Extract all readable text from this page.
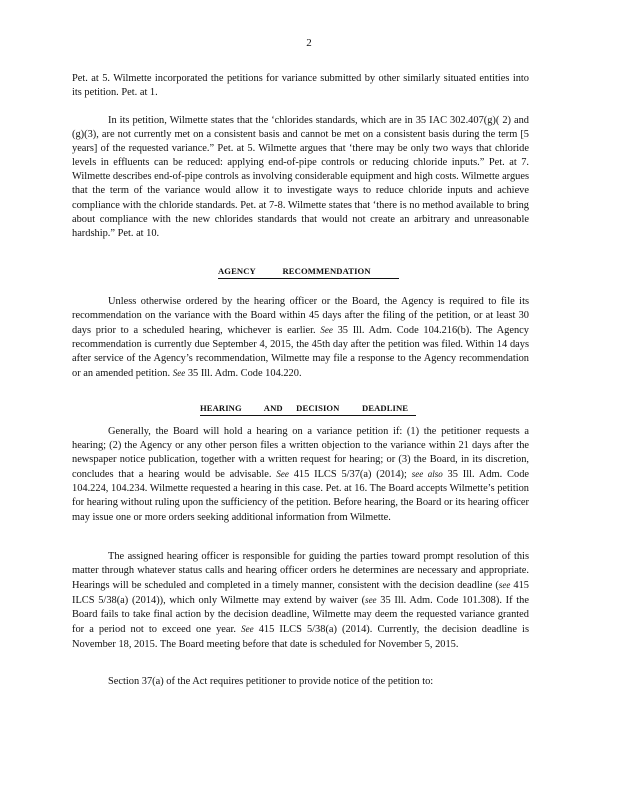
2

Pet. at 5. Wilmette incorporated the petitions for variance submitted by other similarly situated entities into its petition. Pet. at 1.

In its petition, Wilmette states that the ‘chlorides standards, which are in 35 IAC 302.407(g)( 2) and (g)(3), are not currently met on a consistent basis and cannot be met on a consistent basis during the term [5 years] of the requested variance.” Pet. at 5. Wilmette argues that ‘there may be only two ways that chloride levels in effluents can be reduced: applying end-of-pipe controls or reducing chloride inputs.” Pet. at 7. Wilmette describes end-of-pipe controls as involving considerable equipment and high costs. Wilmette argues that the term of the variance would allow it to investigate ways to reduce chloride inputs and achieve compliance with the chloride standards. Pet. at 7-8. Wilmette states that ‘there is no method available to bring about compliance with the new chlorides standards that would not create an arbitrary and unreasonable hardship.” Pet. at 10.

AGENCY            RECOMMENDATION

Unless otherwise ordered by the hearing officer or the Board, the Agency is required to file its recommendation on the variance with the Board within 45 days after the filing of the petition, or at least 30 days prior to a scheduled hearing, whichever is earlier. See 35 Ill. Adm. Code 104.216(b). The Agency recommendation is currently due September 4, 2015, the 45th day after the petition was filed. Within 14 days after service of the Agency’s recommendation, Wilmette may file a response to the Agency recommendation or an amended petition. See 35 Ill. Adm. Code 104.220.

HEARING          AND      DECISION          DEADLINE

Generally, the Board will hold a hearing on a variance petition if: (1) the petitioner requests a hearing; (2) the Agency or any other person files a written objection to the variance within 21 days after the newspaper notice publication, together with a written request for hearing; or (3) the Board, in its discretion, concludes that a hearing would be advisable. See 415 ILCS 5/37(a) (2014); see also 35 Ill. Adm. Code 104.224, 104.234. Wilmette requested a hearing in this case. Pet. at 16. The Board accepts Wilmette’s petition for hearing without ruling upon the sufficiency of the petition. Before hearing, the Board or its hearing officer may issue one or more orders seeking additional information from Wilmette.

The assigned hearing officer is responsible for guiding the parties toward prompt resolution of this matter through whatever status calls and hearing officer orders he determines are necessary and appropriate. Hearings will be scheduled and completed in a timely manner, consistent with the decision deadline (see 415 ILCS 5/38(a) (2014)), which only Wilmette may extend by waiver (see 35 Ill. Adm. Code 101.308). If the Board fails to take final action by the decision deadline, Wilmette may deem the requested variance granted for a period not to exceed one year. See 415 ILCS 5/38(a) (2014). Currently, the decision deadline is November 18, 2015. The Board meeting before that date is scheduled for November 5, 2015.

Section 37(a) of the Act requires petitioner to provide notice of the petition to:
